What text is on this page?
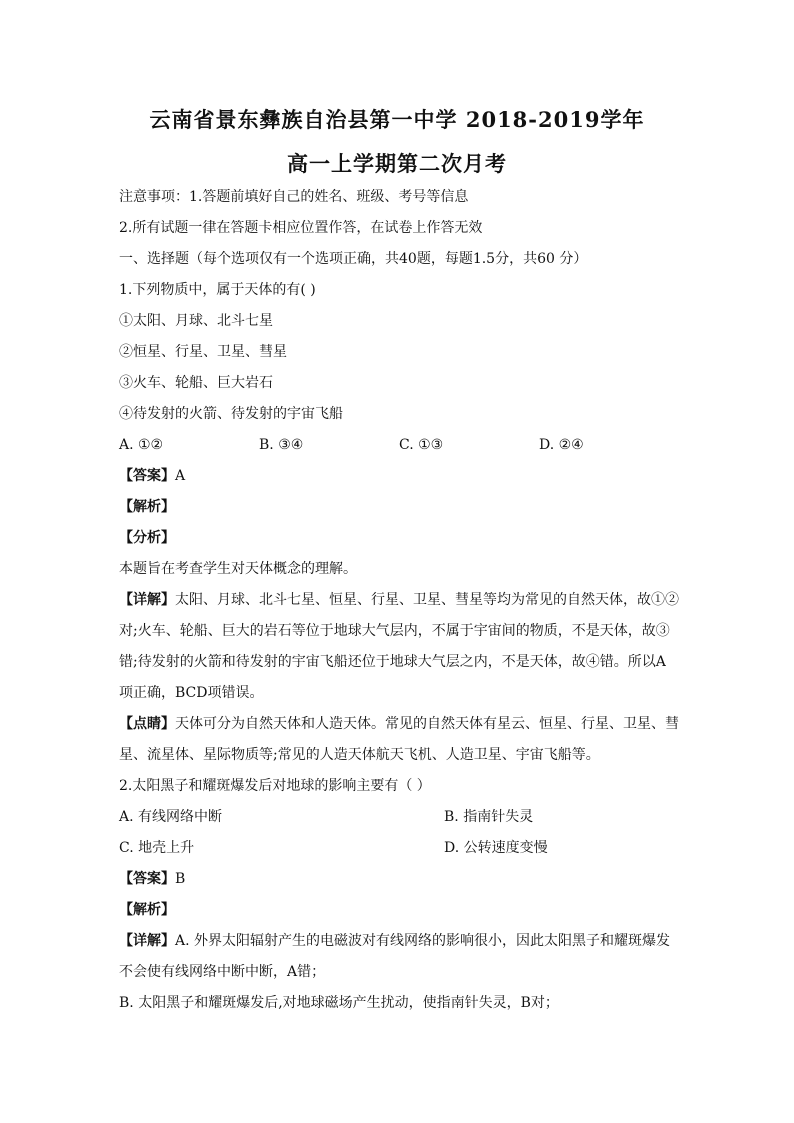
云南省景东彝族自治县第一中学 2018-2019学年
高一上学期第二次月考
注意事项：1.答题前填好自己的姓名、班级、考号等信息
2.所有试题一律在答题卡相应位置作答，在试卷上作答无效
一、选择题（每个选项仅有一个选项正确，共40题，每题1.5分，共60 分）
1.下列物质中，属于天体的有( )
①太阳、月球、北斗七星
②恒星、行星、卫星、彗星
③火车、轮船、巨大岩石
④待发射的火箭、待发射的宇宙飞船
A. ①②	B. ③④	C. ①③	D. ②④
【答案】A
【解析】
【分析】
本题旨在考查学生对天体概念的理解。
【详解】太阳、月球、北斗七星、恒星、行星、卫星、彗星等均为常见的自然天体，故①②
对;火车、轮船、巨大的岩石等位于地球大气层内，不属于宇宙间的物质，不是天体，故③
错;待发射的火箭和待发射的宇宙飞船还位于地球大气层之内，不是天体，故④错。所以A
项正确，BCD项错误。
【点睛】天体可分为自然天体和人造天体。常见的自然天体有星云、恒星、行星、卫星、彗
星、流星体、星际物质等;常见的人造天体航天飞机、人造卫星、宇宙飞船等。
2.太阳黑子和耀斑爆发后对地球的影响主要有（ ）
A. 有线网络中断	B. 指南针失灵
C. 地壳上升	D. 公转速度变慢
【答案】B
【解析】
【详解】A. 外界太阳辐射产生的电磁波对有线网络的影响很小，因此太阳黑子和耀斑爆发
不会使有线网络中断中断，A错；
B. 太阳黑子和耀斑爆发后,对地球磁场产生扰动，使指南针失灵，B对；
